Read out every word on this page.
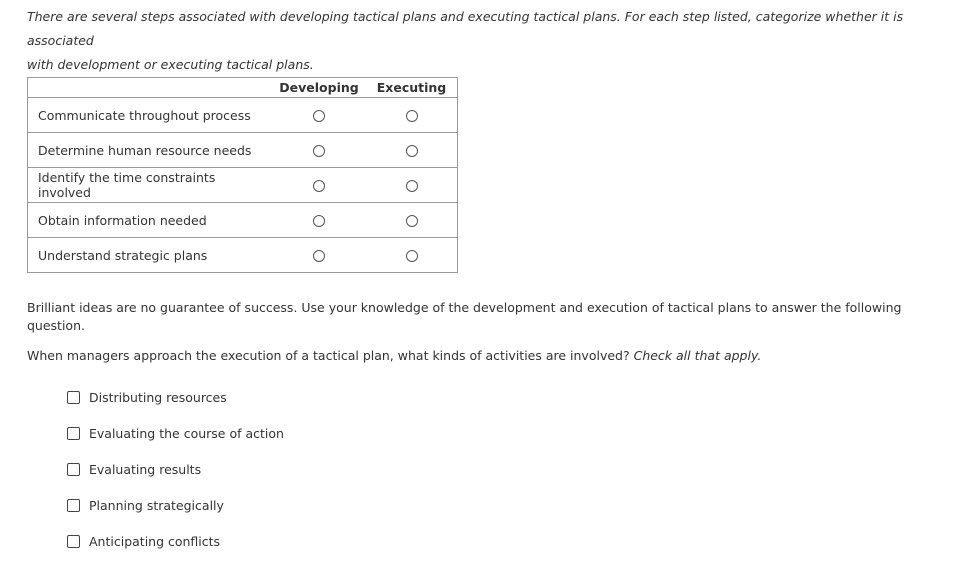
There are several steps associated with developing tactical plans and executing tactical plans. For each step listed, categorize whether it is associated
with development or executing tactical plans.

	Developing	Executing
Communicate throughout process		
Determine human resource needs		
Identify the time constraints involved		
Obtain information needed		
Understand strategic plans		

Brilliant ideas are no guarantee of success. Use your knowledge of the development and execution of tactical plans to answer the following question.

When managers approach the execution of a tactical plan, what kinds of activities are involved? Check all that apply.

Distributing resources
Evaluating the course of action
Evaluating results
Planning strategically
Anticipating conflicts
